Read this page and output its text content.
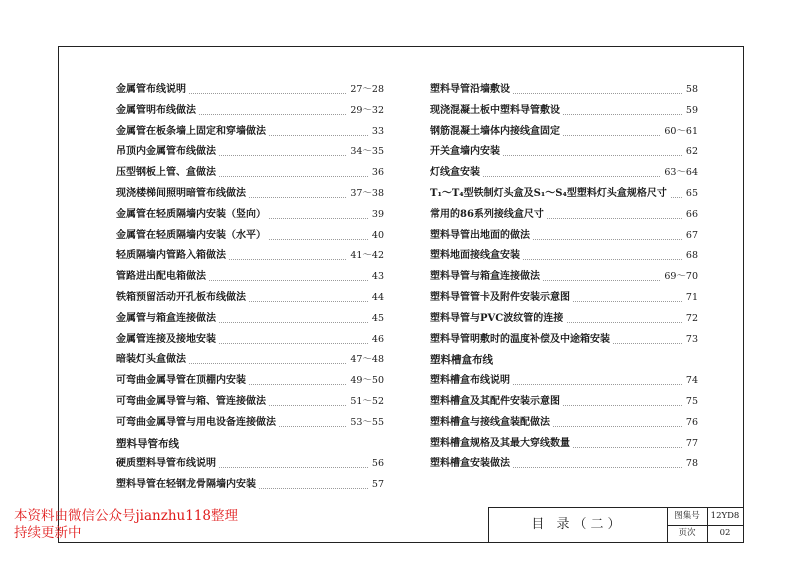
金属管布线说明	27～28
金属管明布线做法	29～32
金属管在板条墙上固定和穿墙做法	33
吊顶内金属管布线做法	34～35
压型钢板上管、盒做法	36
现浇楼梯间照明暗管布线做法	37～38
金属管在轻质隔墙内安装（竖向）	39
金属管在轻质隔墙内安装（水平）	40
轻质隔墙内管路入箱做法	41～42
管路进出配电箱做法	43
铁箱预留活动开孔板布线做法	44
金属管与箱盒连接做法	45
金属管连接及接地安装	46
暗装灯头盒做法	47～48
可弯曲金属导管在顶棚内安装	49～50
可弯曲金属导管与箱、管连接做法	51～52
可弯曲金属导管与用电设备连接做法	53～55
塑料导管布线
硬质塑料导管布线说明	56
塑料导管在轻钢龙骨隔墙内安装	57
塑料导管沿墙敷设	58
现浇混凝土板中塑料导管敷设	59
钢筋混凝土墙体内接线盒固定	60～61
开关盒墙内安装	62
灯线盒安装	63～64
T₁～T₄型铁制灯头盒及S₁～S₄型塑料灯头盒规格尺寸	65
常用的86系列接线盒尺寸	66
塑料导管出地面的做法	67
塑料地面接线盒安装	68
塑料导管与箱盒连接做法	69～70
塑料导管管卡及附件安装示意图	71
塑料导管与PVC波纹管的连接	72
塑料导管明敷时的温度补偿及中途箱安装	73
塑料槽盒布线
塑料槽盒布线说明	74
塑料槽盒及其配件安装示意图	75
塑料槽盒与接线盒装配做法	76
塑料槽盒规格及其最大穿线数量	77
塑料槽盒安装做法	78
目 录（二）
图集号	12YD8
页次	02
本资料由微信公众号jianzhu118整理
持续更新中
